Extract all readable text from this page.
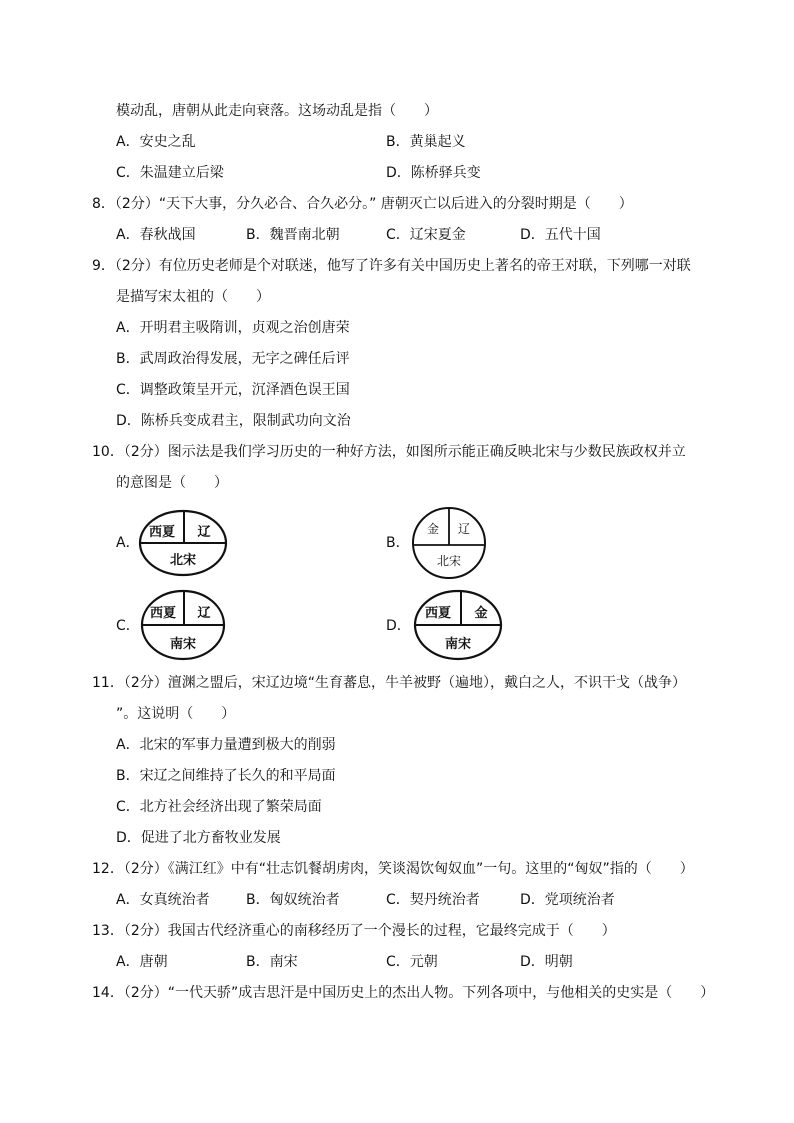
模动乱，唐朝从此走向衰落。这场动乱是指（　　）
A．安史之乱	B．黄巢起义
C．朱温建立后梁	D．陈桥驿兵变
8．（2分）“天下大事，分久必合、合久必分。” 唐朝灭亡以后进入的分裂时期是（　　）
A．春秋战国	B．魏晋南北朝	C．辽宋夏金	D．五代十国
9．（2分）有位历史老师是个对联迷，他写了许多有关中国历史上著名的帝王对联，下列哪一对联
是描写宋太祖的（　　）
A．开明君主吸隋训，贞观之治创唐荣
B．武周政治得发展，无字之碑任后评
C．调整政策呈开元，沉泽酒色误王国
D．陈桥兵变成君主，限制武功向文治
10．（2分）图示法是我们学习历史的一种好方法，如图所示能正确反映北宋与少数民族政权并立
的意图是（　　）
A．
西夏 辽
北宋
B．
金 辽
北宋
C．
西夏 辽
南宋
D．
西夏 金
南宋
11．（2分）澶渊之盟后，宋辽边境“生育蕃息，牛羊被野（遍地），戴白之人，不识干戈（战争）
”。这说明（　　）
A．北宋的军事力量遭到极大的削弱
B．宋辽之间维持了长久的和平局面
C．北方社会经济出现了繁荣局面
D．促进了北方畜牧业发展
12．（2分）《满江红》中有“壮志饥餐胡虏肉，笑谈渴饮匈奴血”一句。这里的“匈奴”指的（　　）
A．女真统治者	B．匈奴统治者	C．契丹统治者	D．党项统治者
13．（2分）我国古代经济重心的南移经历了一个漫长的过程，它最终完成于（　　）
A．唐朝	B．南宋	C．元朝	D．明朝
14．（2分）“一代天骄”成吉思汗是中国历史上的杰出人物。下列各项中，与他相关的史实是（　　）
